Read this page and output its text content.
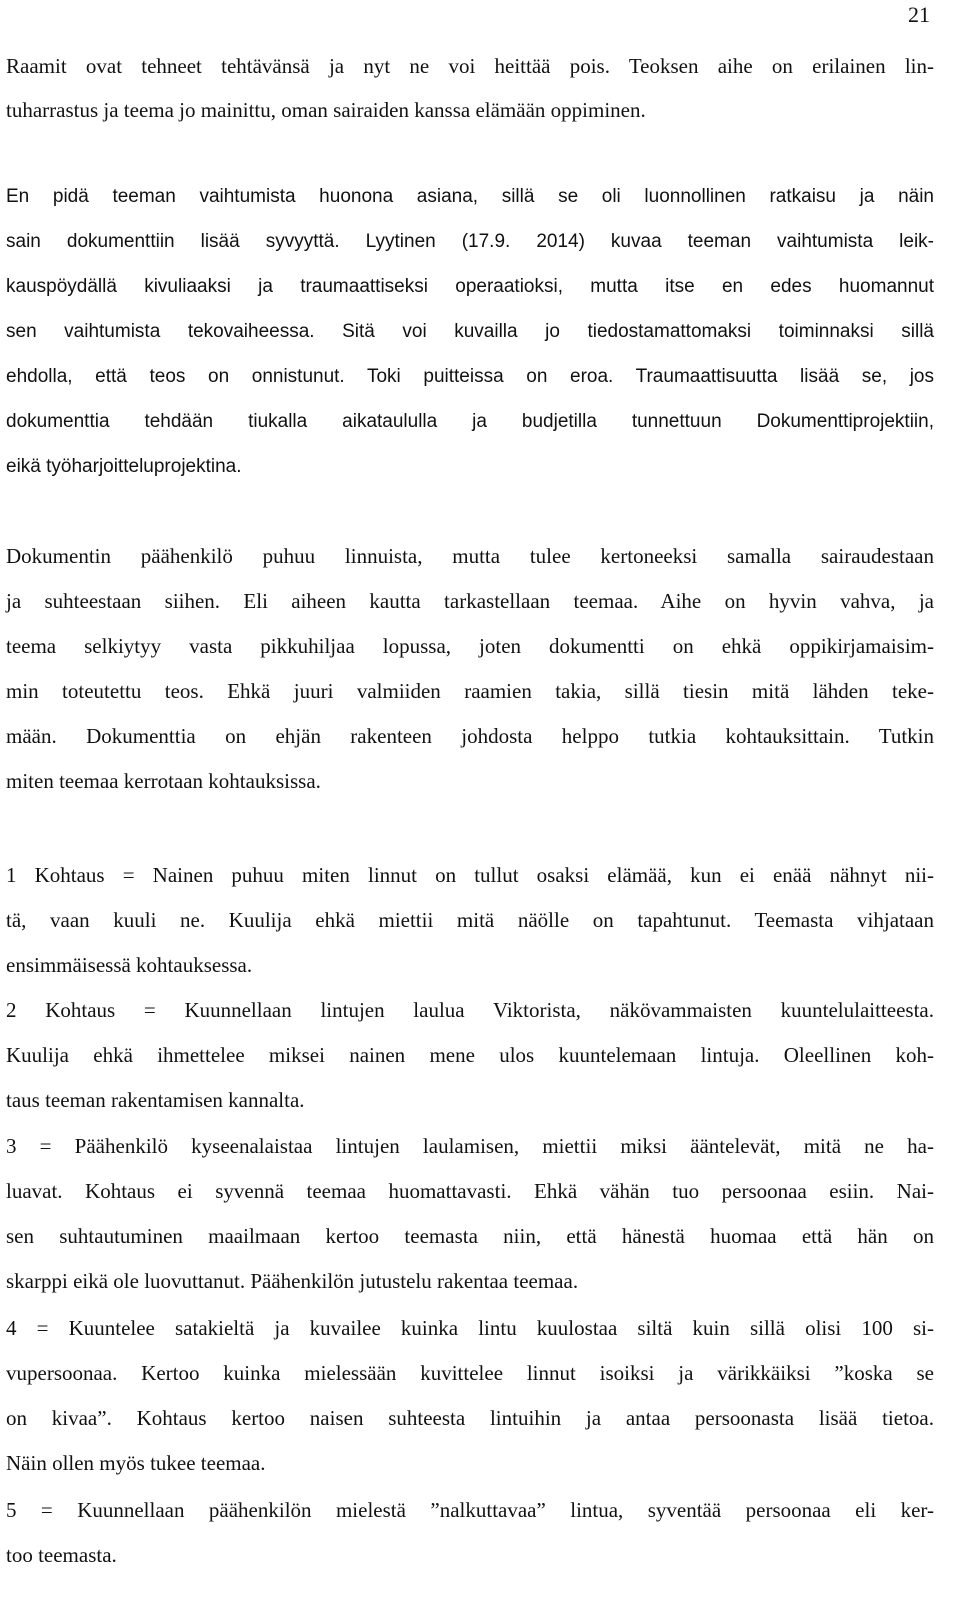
21
Raamit ovat tehneet tehtävänsä ja nyt ne voi heittää pois. Teoksen aihe on erilainen lin-
tuharrastus ja teema jo mainittu, oman sairaiden kanssa elämään oppiminen.
En pidä teeman vaihtumista huonona asiana, sillä se oli luonnollinen ratkaisu ja näin
sain dokumenttiin lisää syvyyttä. Lyytinen (17.9. 2014) kuvaa teeman vaihtumista leik-
kauspöydällä kivuliaaksi ja traumaattiseksi operaatioksi, mutta itse en edes huomannut
sen vaihtumista tekovaiheessa. Sitä voi kuvailla jo tiedostamattomaksi toiminnaksi sillä
ehdolla, että teos on onnistunut. Toki puitteissa on eroa. Traumaattisuutta lisää se, jos
dokumenttia tehdään tiukalla aikataululla ja budjetilla tunnettuun Dokumenttiprojektiin,
eikä työharjoitteluprojektina.
Dokumentin päähenkilö puhuu linnuista, mutta tulee kertoneeksi samalla sairaudestaan
ja suhteestaan siihen. Eli aiheen kautta tarkastellaan teemaa. Aihe on hyvin vahva, ja
teema selkiytyy vasta pikkuhiljaa lopussa, joten dokumentti on ehkä oppikirjamaisim-
min toteutettu teos. Ehkä juuri valmiiden raamien takia, sillä tiesin mitä lähden teke-
mään. Dokumenttia on ehjän rakenteen johdosta helppo tutkia kohtauksittain. Tutkin
miten teemaa kerrotaan kohtauksissa.
1 Kohtaus = Nainen puhuu miten linnut on tullut osaksi elämää, kun ei enää nähnyt nii-
tä, vaan kuuli ne. Kuulija ehkä miettii mitä näölle on tapahtunut. Teemasta vihjataan
ensimmäisessä kohtauksessa.
2 Kohtaus = Kuunnellaan lintujen laulua Viktorista, näkövammaisten kuuntelulaitteesta.
Kuulija ehkä ihmettelee miksei nainen mene ulos kuuntelemaan lintuja. Oleellinen koh-
taus teeman rakentamisen kannalta.
3 = Päähenkilö kyseenalaistaa lintujen laulamisen, miettii miksi ääntelevät, mitä ne ha-
luavat. Kohtaus ei syvennä teemaa huomattavasti. Ehkä vähän tuo persoonaa esiin. Nai-
sen suhtautuminen maailmaan kertoo teemasta niin, että hänestä huomaa että hän on
skarppi eikä ole luovuttanut. Päähenkilön jutustelu rakentaa teemaa.
4 = Kuuntelee satakieltä ja kuvailee kuinka lintu kuulostaa siltä kuin sillä olisi 100 si-
vupersoonaa. Kertoo kuinka mielessään kuvittelee linnut isoiksi ja värikkäiksi ”koska se
on kivaa”. Kohtaus kertoo naisen suhteesta lintuihin ja antaa persoonasta lisää tietoa.
Näin ollen myös tukee teemaa.
5 = Kuunnellaan päähenkilön mielestä ”nalkuttavaa” lintua, syventää persoonaa eli ker-
too teemasta.
